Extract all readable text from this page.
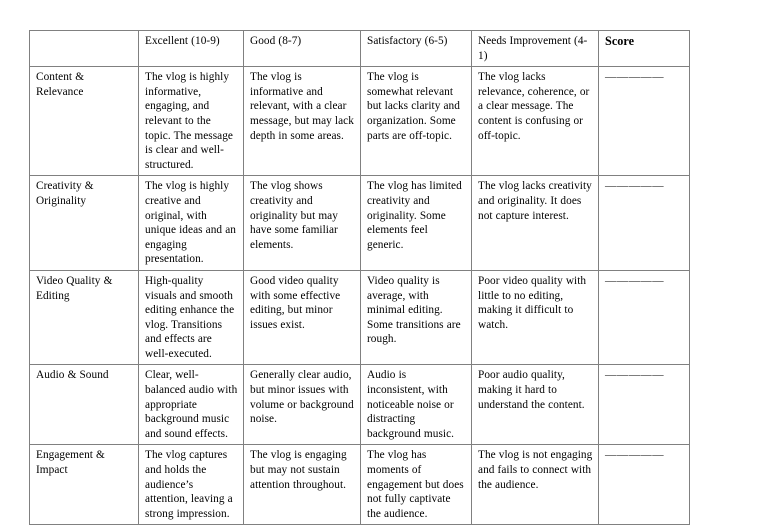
	Excellent (10-9)	Good (8-7)	Satisfactory (6-5)	Needs Improvement (4-1)	Score
Content & Relevance	The vlog is highly informative, engaging, and relevant to the topic. The message is clear and well-structured.	The vlog is informative and relevant, with a clear message, but may lack depth in some areas.	The vlog is somewhat relevant but lacks clarity and organization. Some parts are off-topic.	The vlog lacks relevance, coherence, or a clear message. The content is confusing or off-topic.	—————
Creativity & Originality	The vlog is highly creative and original, with unique ideas and an engaging presentation.	The vlog shows creativity and originality but may have some familiar elements.	The vlog has limited creativity and originality. Some elements feel generic.	The vlog lacks creativity and originality. It does not capture interest.	—————
Video Quality & Editing	High-quality visuals and smooth editing enhance the vlog. Transitions and effects are well-executed.	Good video quality with some effective editing, but minor issues exist.	Video quality is average, with minimal editing. Some transitions are rough.	Poor video quality with little to no editing, making it difficult to watch.	—————
Audio & Sound	Clear, well-balanced audio with appropriate background music and sound effects.	Generally clear audio, but minor issues with volume or background noise.	Audio is inconsistent, with noticeable noise or distracting background music.	Poor audio quality, making it hard to understand the content.	—————
Engagement & Impact	The vlog captures and holds the audience’s attention, leaving a strong impression.	The vlog is engaging but may not sustain attention throughout.	The vlog has moments of engagement but does not fully captivate the audience.	The vlog is not engaging and fails to connect with the audience.	—————
